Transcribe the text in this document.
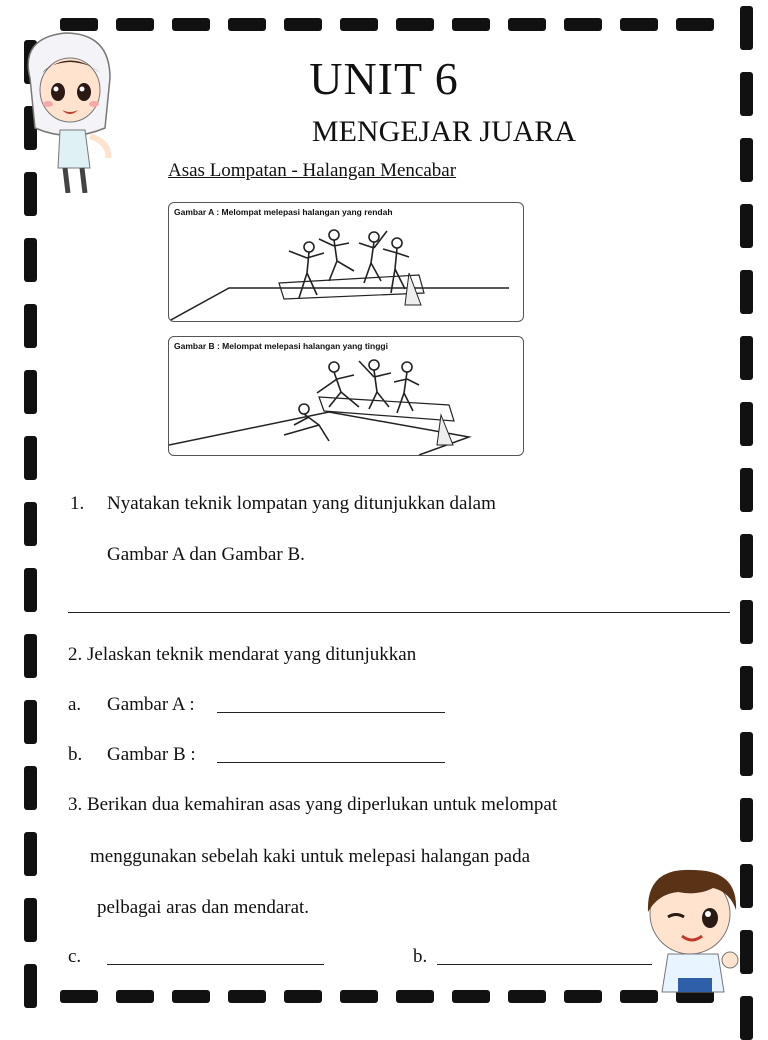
UNIT 6
MENGEJAR JUARA
Asas Lompatan - Halangan Mencabar
Gambar A : Melompat melepasi halangan yang rendah
Gambar B : Melompat melepasi halangan yang tinggi
1. Nyatakan teknik lompatan yang ditunjukkan dalam
Gambar A dan Gambar B.
2. Jelaskan teknik mendarat yang ditunjukkan
a. Gambar A :
b. Gambar B :
3. Berikan dua kemahiran asas yang diperlukan untuk melompat
menggunakan sebelah kaki untuk melepasi halangan pada
pelbagai aras dan mendarat.
c.	b.
